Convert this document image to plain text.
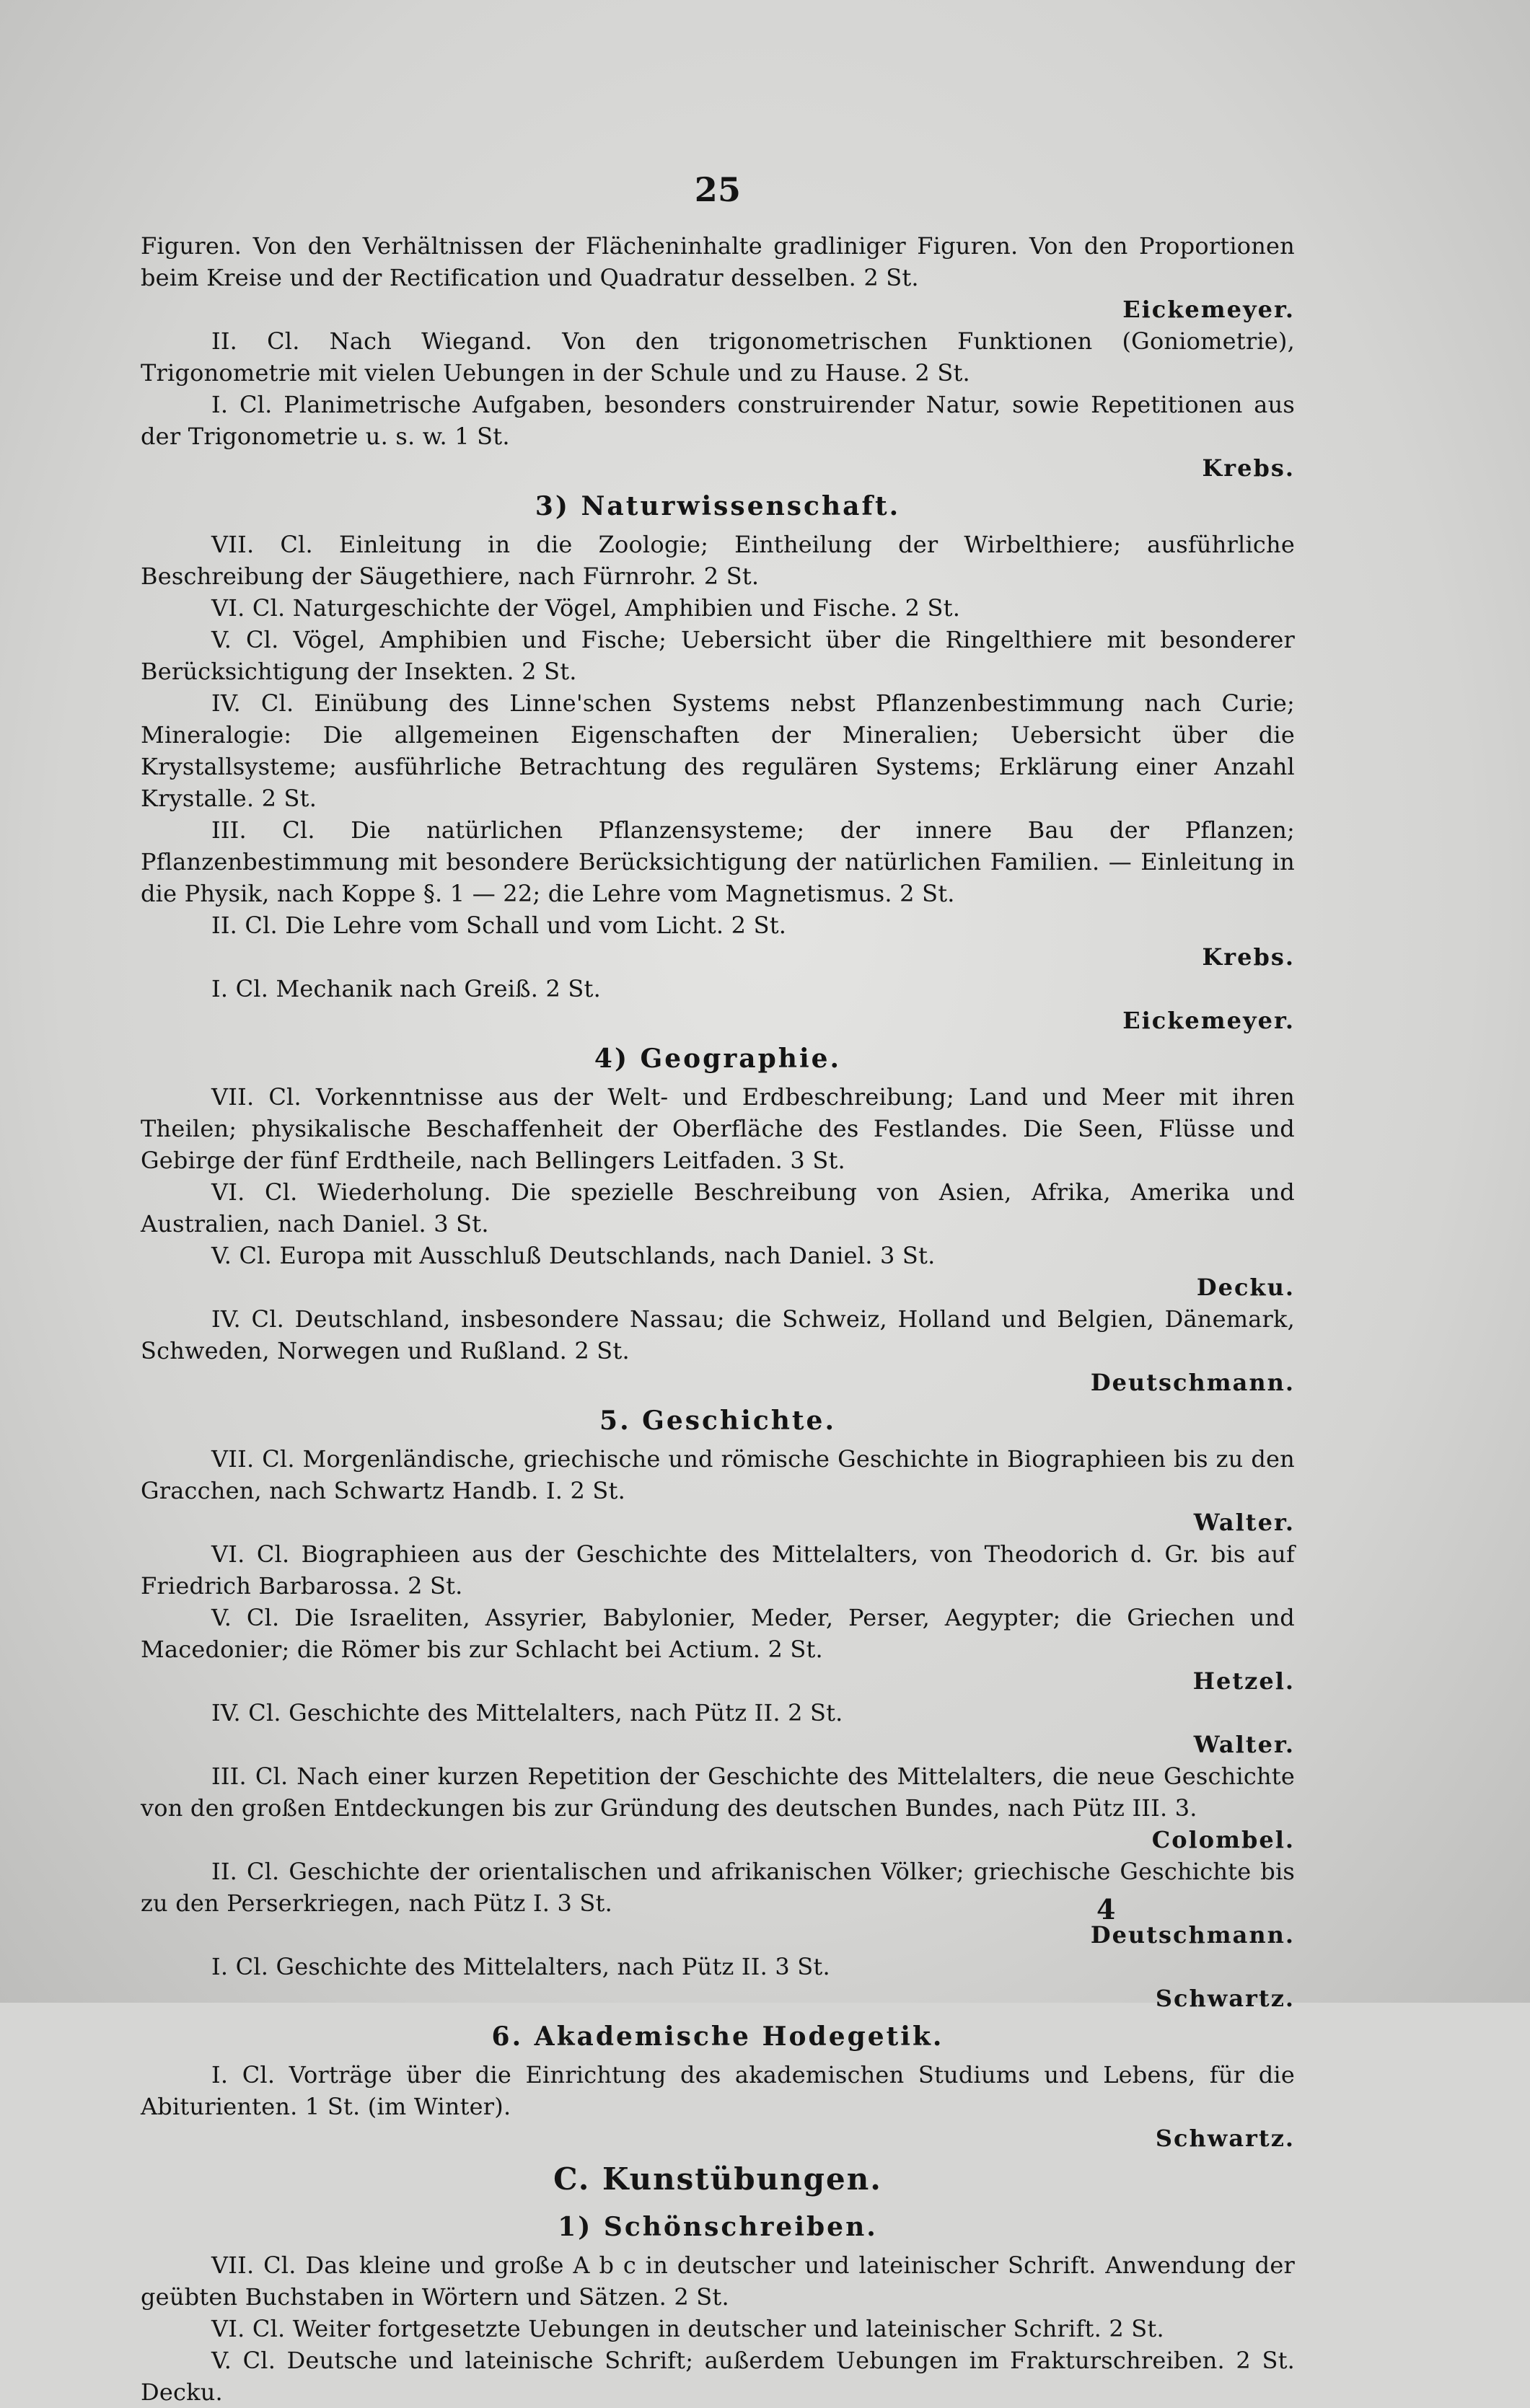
25

Figuren. Von den Verhältnissen der Flächeninhalte gradliniger Figuren. Von den Proportionen beim Kreise und der Rectification und Quadratur desselben. 2 St.

Eickemeyer.

II. Cl. Nach Wiegand. Von den trigonometrischen Funktionen (Goniometrie), Trigonometrie mit vielen Uebungen in der Schule und zu Hause. 2 St.

I. Cl. Planimetrische Aufgaben, besonders construirender Natur, sowie Repetitionen aus der Trigonometrie u. s. w. 1 St.

Krebs.
3) Naturwissenschaft.

VII. Cl. Einleitung in die Zoologie; Eintheilung der Wirbelthiere; ausführliche Beschreibung der Säugethiere, nach Fürnrohr. 2 St.

VI. Cl. Naturgeschichte der Vögel, Amphibien und Fische. 2 St.

V. Cl. Vögel, Amphibien und Fische; Uebersicht über die Ringelthiere mit besonderer Berücksichtigung der Insekten. 2 St.

IV. Cl. Einübung des Linne'schen Systems nebst Pflanzenbestimmung nach Curie; Mineralogie: Die allgemeinen Eigenschaften der Mineralien; Uebersicht über die Krystallsysteme; ausführliche Betrachtung des regulären Systems; Erklärung einer Anzahl Krystalle. 2 St.

III. Cl. Die natürlichen Pflanzensysteme; der innere Bau der Pflanzen; Pflanzenbestimmung mit besondere Berücksichtigung der natürlichen Familien. — Einleitung in die Physik, nach Koppe §. 1 — 22; die Lehre vom Magnetismus. 2 St.

II. Cl. Die Lehre vom Schall und vom Licht. 2 St.

Krebs.

I. Cl. Mechanik nach Greiß. 2 St.

Eickemeyer.
4) Geographie.

VII. Cl. Vorkenntnisse aus der Welt- und Erdbeschreibung; Land und Meer mit ihren Theilen; physikalische Beschaffenheit der Oberfläche des Festlandes. Die Seen, Flüsse und Gebirge der fünf Erdtheile, nach Bellingers Leitfaden. 3 St.

VI. Cl. Wiederholung. Die spezielle Beschreibung von Asien, Afrika, Amerika und Australien, nach Daniel. 3 St.

V. Cl. Europa mit Ausschluß Deutschlands, nach Daniel. 3 St.

Decku.

IV. Cl. Deutschland, insbesondere Nassau; die Schweiz, Holland und Belgien, Dänemark, Schweden, Norwegen und Rußland. 2 St.

Deutschmann.
5. Geschichte.

VII. Cl. Morgenländische, griechische und römische Geschichte in Biographieen bis zu den Gracchen, nach Schwartz Handb. I. 2 St.

Walter.

VI. Cl. Biographieen aus der Geschichte des Mittelalters, von Theodorich d. Gr. bis auf Friedrich Barbarossa. 2 St.

V. Cl. Die Israeliten, Assyrier, Babylonier, Meder, Perser, Aegypter; die Griechen und Macedonier; die Römer bis zur Schlacht bei Actium. 2 St.

Hetzel.

IV. Cl. Geschichte des Mittelalters, nach Pütz II. 2 St.

Walter.

III. Cl. Nach einer kurzen Repetition der Geschichte des Mittelalters, die neue Geschichte von den großen Entdeckungen bis zur Gründung des deutschen Bundes, nach Pütz III. 3.

Colombel.

II. Cl. Geschichte der orientalischen und afrikanischen Völker; griechische Geschichte bis zu den Perserkriegen, nach Pütz I. 3 St.

Deutschmann.

I. Cl. Geschichte des Mittelalters, nach Pütz II. 3 St.

Schwartz.
6. Akademische Hodegetik.

I. Cl. Vorträge über die Einrichtung des akademischen Studiums und Lebens, für die Abiturienten. 1 St. (im Winter).

Schwartz.
C. Kunstübungen.
1) Schönschreiben.

VII. Cl. Das kleine und große A b c in deutscher und lateinischer Schrift. Anwendung der geübten Buchstaben in Wörtern und Sätzen. 2 St.

VI. Cl. Weiter fortgesetzte Uebungen in deutscher und lateinischer Schrift. 2 St.

V. Cl. Deutsche und lateinische Schrift; außerdem Uebungen im Frakturschreiben. 2 St. Decku.

4
